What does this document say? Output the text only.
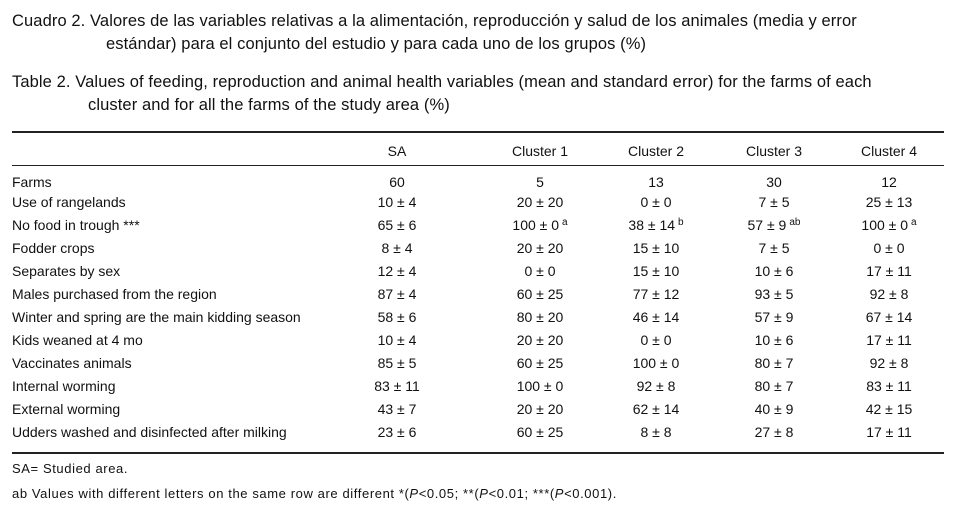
Cuadro 2. Valores de las variables relativas a la alimentación, reproducción y salud de los animales (media y error
estándar) para el conjunto del estudio y para cada uno de los grupos (%)
Table 2. Values of feeding, reproduction and animal health variables (mean and standard error) for the farms of each
cluster and for all the farms of the study area (%)
	SA	Cluster 1	Cluster 2	Cluster 3	Cluster 4
Farms	60	5	13	30	12
Use of rangelands	10 ± 4	20 ± 20	0 ± 0	7 ± 5	25 ± 13
No food in trough ***	65 ± 6	100 ± 0 $^a$	38 ± 14 $^b$	57 ± 9 $^{ab}$	100 ± 0 $^a$
Fodder crops	8 ± 4	20 ± 20	15 ± 10	7 ± 5	0 ± 0
Separates by sex	12 ± 4	0 ± 0	15 ± 10	10 ± 6	17 ± 11
Males purchased from the region	87 ± 4	60 ± 25	77 ± 12	93 ± 5	92 ± 8
Winter and spring are the main kidding season	58 ± 6	80 ± 20	46 ± 14	57 ± 9	67 ± 14
Kids weaned at 4 mo	10 ± 4	20 ± 20	0 ± 0	10 ± 6	17 ± 11
Vaccinates animals	85 ± 5	60 ± 25	100 ± 0	80 ± 7	92 ± 8
Internal worming	83 ± 11	100 ± 0	92 ± 8	80 ± 7	83 ± 11
External worming	43 ± 7	20 ± 20	62 ± 14	40 ± 9	42 ± 15
Udders washed and disinfected after milking	23 ± 6	60 ± 25	8 ± 8	27 ± 8	17 ± 11
SA= Studied area.
ab Values with different letters on the same row are different *(P<0.05; **(P<0.01; ***(P<0.001).
